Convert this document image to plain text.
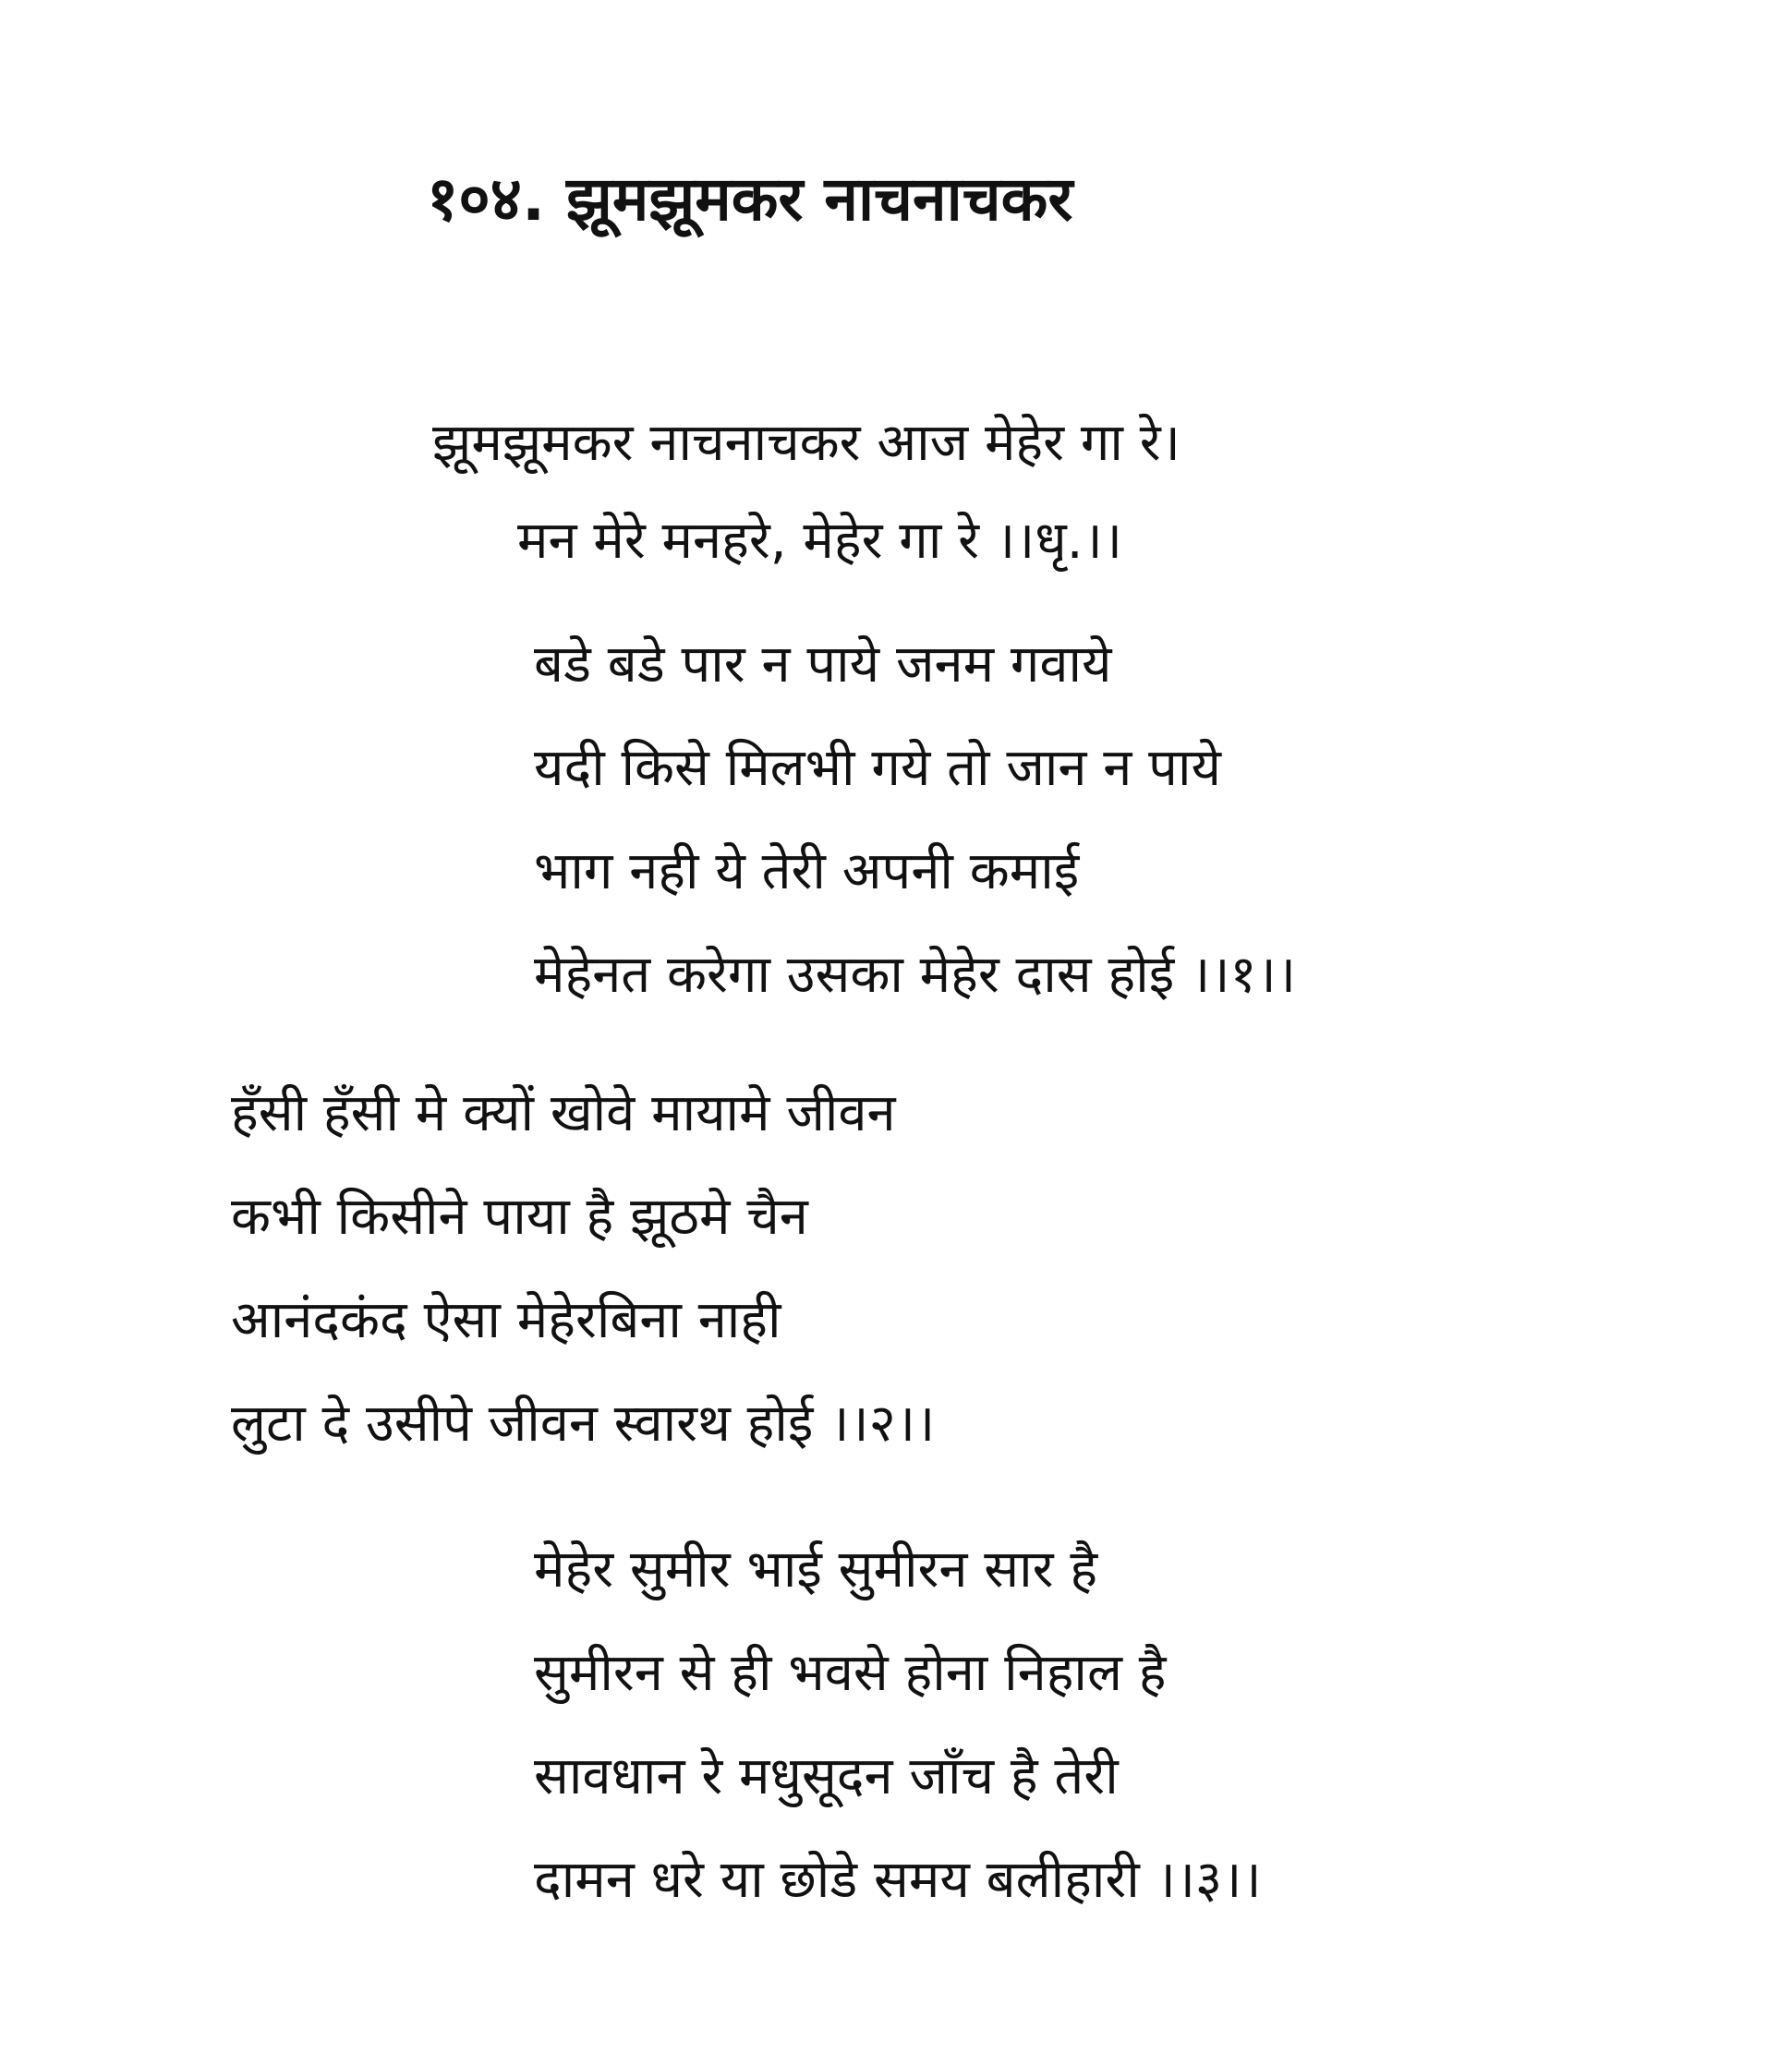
१०४. झूमझूमकर नाचनाचकर
झूमझूमकर नाचनाचकर आज मेहेर गा रे।
मन मेरे मनहरे, मेहेर गा रे ।।धृ.।।
बडे बडे पार न पाये जनम गवाये
यदी किसे मिलभी गये तो जान न पाये
भाग नही ये तेरी अपनी कमाई
मेहेनत करेगा उसका मेहेर दास होई ।।१।।
हँसी हँसी मे क्यों खोवे मायामे जीवन
कभी किसीने पाया है झूठमे चैन
आनंदकंद ऐसा मेहेरबिना नाही
लुटा दे उसीपे जीवन स्वारथ होई ।।२।।
मेहेर सुमीर भाई सुमीरन सार है
सुमीरन से ही भवसे होना निहाल है
सावधान रे मधुसूदन जाँच है तेरी
दामन धरे या छोडे समय बलीहारी ।।३।।
